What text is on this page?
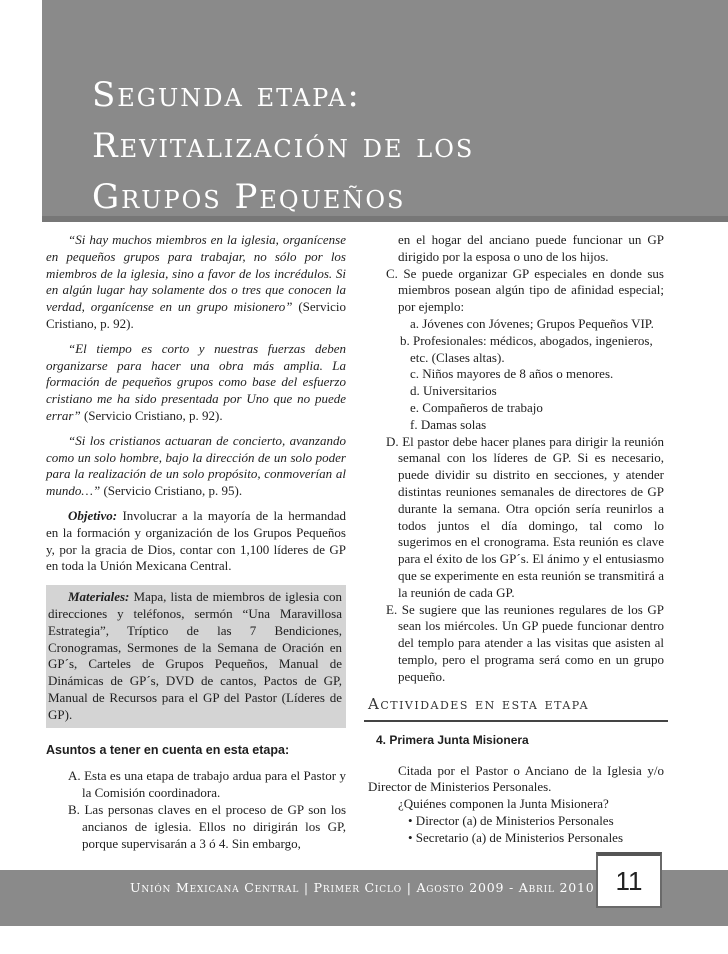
Segunda etapa:
Revitalización de los
Grupos Pequeños

“Si hay muchos miembros en la iglesia, organícense en pequeños grupos para trabajar, no sólo por los miembros de la iglesia, sino a favor de los incrédulos. Si en algún lugar hay solamente dos o tres que conocen la verdad, organícense en un grupo misionero” (Servicio Cristiano, p. 92).

“El tiempo es corto y nuestras fuerzas deben organizarse para hacer una obra más amplia. La formación de pequeños grupos como base del esfuerzo cristiano me ha sido presentada por Uno que no puede errar” (Servicio Cristiano, p. 92).

“Si los cristianos actuaran de concierto, avanzando como un solo hombre, bajo la dirección de un solo poder para la realización de un solo propósito, conmoverían al mundo…” (Servicio Cristiano, p. 95).

Objetivo: Involucrar a la mayoría de la hermandad en la formación y organización de los Grupos Pequeños y, por la gracia de Dios, contar con 1,100 líderes de GP en toda la Unión Mexicana Central.

Materiales: Mapa, lista de miembros de iglesia con direcciones y teléfonos, sermón “Una Maravillosa Estrategia”, Tríptico de las 7 Bendiciones, Cronogramas, Sermones de la Semana de Oración en GP´s, Carteles de Grupos Pequeños, Manual de Dinámicas de GP´s, DVD de cantos, Pactos de GP, Manual de Recursos para el GP del Pastor (Líderes de GP).

Asuntos a tener en cuenta en esta etapa:
A. Esta es una etapa de trabajo ardua para el Pastor y la Comisión coordinadora.
B. Las personas claves en el proceso de GP son los ancianos de iglesia. Ellos no dirigirán los GP, porque supervisarán a 3 ó 4. Sin embargo,

en el hogar del anciano puede funcionar un GP dirigido por la esposa o uno de los hijos.

C. Se puede organizar GP especiales en donde sus miembros posean algún tipo de afinidad especial; por ejemplo:

a. Jóvenes con Jóvenes; Grupos Pequeños VIP.

b. Profesionales: médicos, abogados, ingenieros, etc. (Clases altas).

c. Niños mayores de 8 años o menores.

d. Universitarios

e. Compañeros de trabajo

f. Damas solas

D. El pastor debe hacer planes para dirigir la reunión semanal con los líderes de GP. Si es necesario, puede dividir su distrito en secciones, y atender distintas reuniones semanales de directores de GP durante la semana. Otra opción sería reunirlos a todos juntos el día domingo, tal como lo sugerimos en el cronograma. Esta reunión es clave para el éxito de los GP´s. El ánimo y el entusiasmo que se experimente en esta reunión se transmitirá a la reunión de cada GP.

E. Se sugiere que las reuniones regulares de los GP sean los miércoles. Un GP puede funcionar dentro del templo para atender a las visitas que asisten al templo, pero el programa será como en un grupo pequeño.

Actividades en esta etapa
4. Primera Junta Misionera

Citada por el Pastor o Anciano de la Iglesia y/o Director de Ministerios Personales.

¿Quiénes componen la Junta Misionera?

• Director (a) de Ministerios Personales

• Secretario (a) de Ministerios Personales

Unión Mexicana Central | Primer Ciclo | Agosto 2009 - Abril 2010 11
